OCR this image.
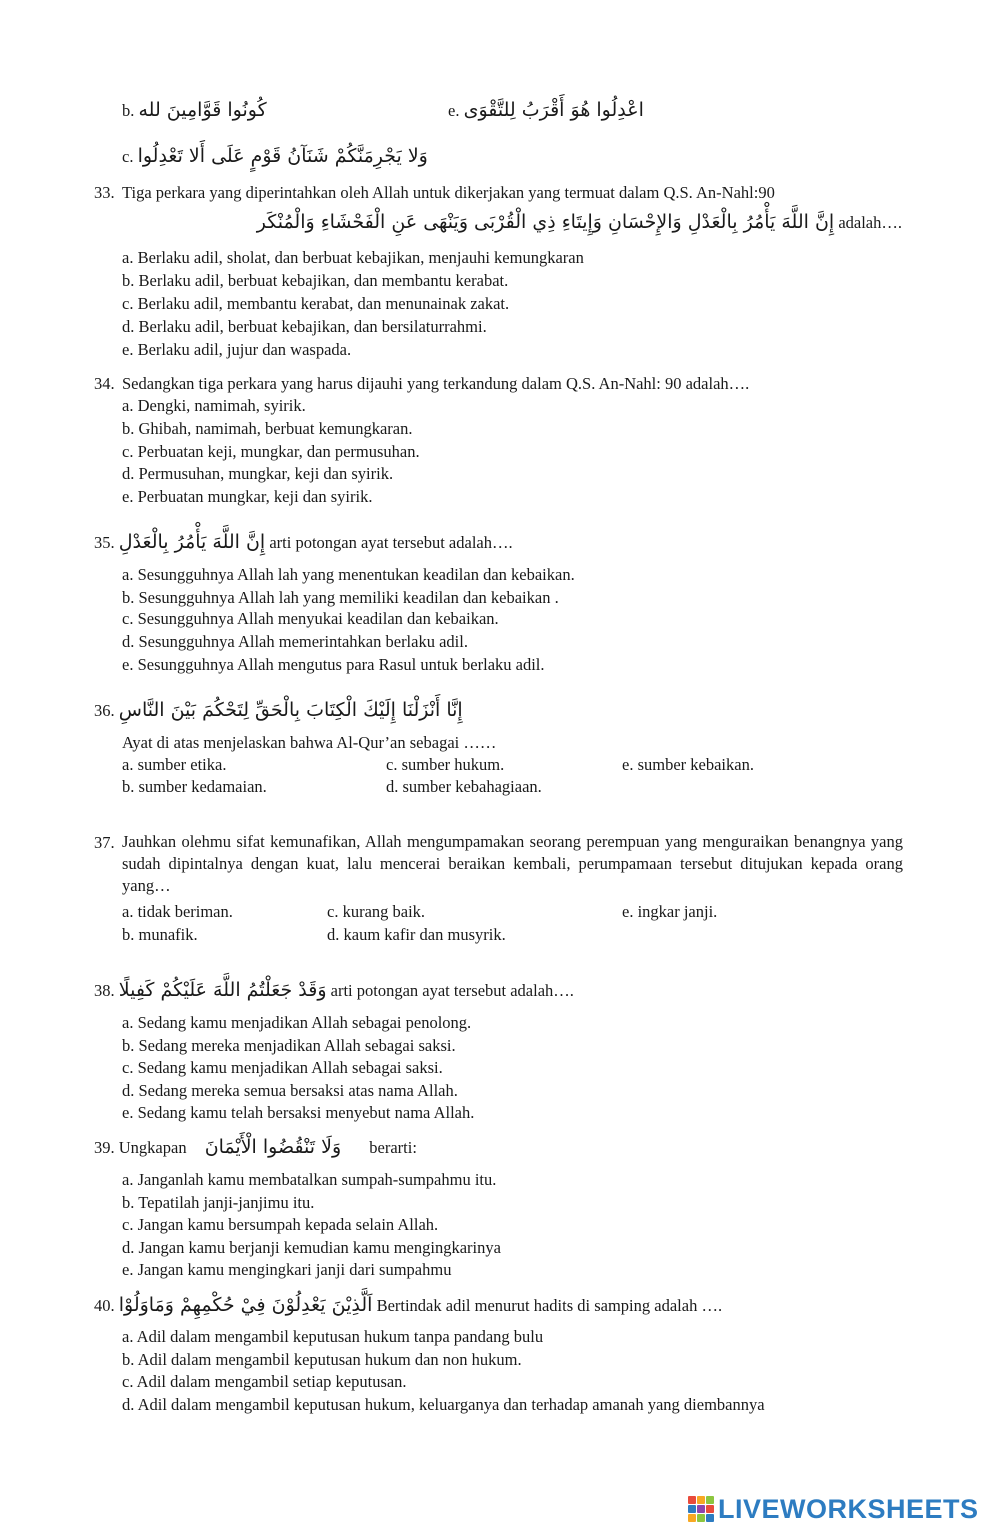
b. كُونُوا قَوَّامِينَ لله	e. اعْدِلُوا هُوَ أَقْرَبُ لِلتَّقْوَى
c. وَلا يَجْرِمَنَّكُمْ شَنَآنُ قَوْمٍ عَلَى أَلا تَعْدِلُوا
33. Tiga perkara yang diperintahkan oleh Allah untuk dikerjakan yang termuat dalam Q.S. An-Nahl:90
إِنَّ اللَّهَ يَأْمُرُ بِالْعَدْلِ وَالإِحْسَانِ وَإِيتَاءِ ذِي الْقُرْبَى وَيَنْهَى عَنِ الْفَحْشَاءِ وَالْمُنْكَر adalah….
a. Berlaku adil, sholat, dan berbuat kebajikan, menjauhi kemungkaran
b. Berlaku adil, berbuat kebajikan, dan membantu kerabat.
c. Berlaku adil, membantu kerabat, dan menunainak zakat.
d. Berlaku adil, berbuat kebajikan, dan bersilaturrahmi.
e. Berlaku adil, jujur dan waspada.
34. Sedangkan tiga perkara yang harus dijauhi yang terkandung dalam Q.S. An-Nahl: 90 adalah….
a. Dengki, namimah, syirik.
b. Ghibah, namimah, berbuat kemungkaran.
c. Perbuatan keji, mungkar, dan permusuhan.
d. Permusuhan, mungkar, keji dan syirik.
e. Perbuatan mungkar, keji dan syirik.
35. إِنَّ اللَّهَ يَأْمُرُ بِالْعَدْلِ arti potongan ayat tersebut adalah….
a. Sesungguhnya Allah lah yang menentukan keadilan dan kebaikan.
b. Sesungguhnya Allah lah yang memiliki keadilan dan kebaikan .
c. Sesungguhnya Allah menyukai keadilan dan kebaikan.
d. Sesungguhnya Allah memerintahkan berlaku adil.
e. Sesungguhnya Allah mengutus para Rasul untuk berlaku adil.
36. إِنَّا أَنْزَلْنَا إِلَيْكَ الْكِتَابَ بِالْحَقِّ لِتَحْكُمَ بَيْنَ النَّاسِ
Ayat di atas menjelaskan bahwa Al-Qur’an sebagai ……
a. sumber etika.	c. sumber hukum.	e. sumber kebaikan.
b. sumber kedamaian.	d. sumber kebahagiaan.
37. Jauhkan olehmu sifat kemunafikan, Allah mengumpamakan seorang perempuan yang menguraikan benangnya yang sudah dipintalnya dengan kuat, lalu mencerai beraikan kembali, perumpamaan tersebut ditujukan kepada orang yang…
a. tidak beriman.	c. kurang baik.	e. ingkar janji.
b. munafik.	d. kaum kafir dan musyrik.
38. وَقَدْ جَعَلْتُمُ اللَّهَ عَلَيْكُمْ كَفِيلًا arti potongan ayat tersebut adalah….
a. Sedang kamu menjadikan Allah sebagai penolong.
b. Sedang mereka menjadikan Allah sebagai saksi.
c. Sedang kamu menjadikan Allah sebagai saksi.
d. Sedang mereka semua bersaksi atas nama Allah.
e. Sedang kamu telah bersaksi menyebut nama Allah.
39. Ungkapan وَلَا تَنْقُضُوا الْأَيْمَانَ berarti:
a. Janganlah kamu membatalkan sumpah-sumpahmu itu.
b. Tepatilah janji-janjimu itu.
c. Jangan kamu bersumpah kepada selain Allah.
d. Jangan kamu berjanji kemudian kamu mengingkarinya
e. Jangan kamu mengingkari janji dari sumpahmu
40. اَلَّذِيْنَ يَعْدِلُوْنَ فِيْ حُكْمِهِمْ وَمَاوَلُوْا Bertindak adil menurut hadits di samping adalah ….
a. Adil dalam mengambil keputusan hukum tanpa pandang bulu
b. Adil dalam mengambil keputusan hukum dan non hukum.
c. Adil dalam mengambil setiap keputusan.
d. Adil dalam mengambil keputusan hukum, keluarganya dan terhadap amanah yang diembannya
LIVEWORKSHEETS
